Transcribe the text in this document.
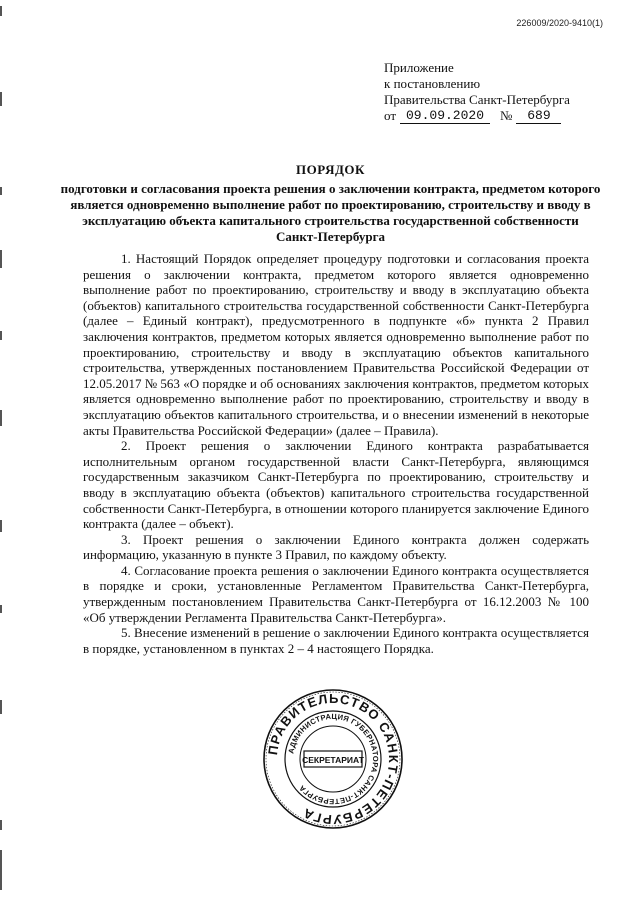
226009/2020-9410(1)
Приложение
к постановлению
Правительства Санкт-Петербурга
от 09.09.2020	№	689
ПОРЯДОК
подготовки и согласования проекта решения о заключении контракта, предметом которого является одновременно выполнение работ по проектированию, строительству и вводу в эксплуатацию объекта капитального строительства государственной собственности Санкт-Петербурга

1. Настоящий Порядок определяет процедуру подготовки и согласования проекта решения о заключении контракта, предметом которого является одновременно выполнение работ по проектированию, строительству и вводу в эксплуатацию объекта (объектов) капитального строительства государственной собственности Санкт-Петербурга (далее – Единый контракт), предусмотренного в подпункте «б» пункта 2 Правил заключения контрактов, предметом которых является одновременно выполнение работ по проектированию, строительству и вводу в эксплуатацию объектов капитального строительства, утвержденных постановлением Правительства Российской Федерации от 12.05.2017 № 563 «О порядке и об основаниях заключения контрактов, предметом которых является одновременно выполнение работ по проектированию, строительству и вводу в эксплуатацию объектов капитального строительства, и о внесении изменений в некоторые акты Правительства Российской Федерации» (далее – Правила).

2. Проект решения о заключении Единого контракта разрабатывается исполнительным органом государственной власти Санкт-Петербурга, являющимся государственным заказчиком Санкт-Петербурга по проектированию, строительству и вводу в эксплуатацию объекта (объектов) капитального строительства государственной собственности Санкт-Петербурга, в отношении которого планируется заключение Единого контракта (далее – объект).

3. Проект решения о заключении Единого контракта должен содержать информацию, указанную в пункте 3 Правил, по каждому объекту.

4. Согласование проекта решения о заключении Единого контракта осуществляется в порядке и сроки, установленные Регламентом Правительства Санкт-Петербурга, утвержденным постановлением Правительства Санкт-Петербурга от 16.12.2003 № 100 «Об утверждении Регламента Правительства Санкт-Петербурга».

5. Внесение изменений в решение о заключении Единого контракта осуществляется в порядке, установленном в пунктах 2 – 4 настоящего Порядка.

ПРАВИТЕЛЬСТВО САНКТ-ПЕТЕРБУРГА
АДМИНИСТРАЦИЯ ГУБЕРНАТОРА САНКТ-ПЕТЕРБУРГА
СЕКРЕТАРИАТ
